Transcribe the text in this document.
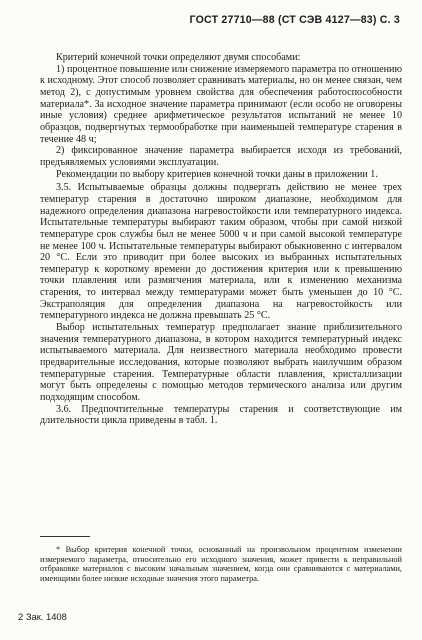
ГОСТ 27710—88 (СТ СЭВ 4127—83) С. 3

Критерий конечной точки определяют двумя способами:

1) процентное повышение или снижение измеряемого параметра по отношению к исходному. Этот способ позволяет сравнивать материалы, но он менее связан, чем метод 2), с допустимым уровнем свойства для обеспечения работоспособности материала*. За исходное значение параметра принимают (если особо не оговорены иные условия) среднее арифметическое результатов испытаний не менее 10 образцов, подвергнутых термообработке при наименьшей температуре старения в течение 48 ч;

2) фиксированное значение параметра выбирается исходя из требований, предъявляемых условиями эксплуатации.

Рекомендации по выбору критериев конечной точки даны в приложении 1.

3.5. Испытываемые образцы должны подвергать действию не менее трех температур старения в достаточно широком диапазоне, необходимом для надежного определения диапазона нагревостойкости или температурного индекса. Испытательные температуры выбирают таким образом, чтобы при самой низкой температуре срок службы был не менее 5000 ч и при самой высокой температуре не менее 100 ч. Испытательные температуры выбирают обыкновенно с интервалом 20 °С. Если это приводит при более высоких из выбранных испытательных температур к короткому времени до достижения критерия или к превышению точки плавления или размягчения материала, или к изменению механизма старения, то интервал между температурами может быть уменьшен до 10 °С. Экстраполяция для определения диапазона на нагревостойкость или температурного индекса не должна превышать 25 °С.

Выбор испытательных температур предполагает знание приблизительного значения температурного диапазона, в котором находится температурный индекс испытываемого материала. Для неизвестного материала необходимо провести предварительные исследования, которые позволяют выбрать наилучшим образом температурные старения. Температурные области плавления, кристаллизации могут быть определены с помощью методов термического анализа или другим подходящим способом.

3.6. Предпочтительные температуры старения и соответствующие им длительности цикла приведены в табл. 1.

* Выбор критерия конечной точки, основанный на произвольном процентном изменении измеряемого параметра, относительно его исходного значения, может привести к неправильной отбраковке материалов с высоким начальным значением, когда они сравниваются с материалами, имеющими более низкие исходные значения этого параметра.

2 Зак. 1408
